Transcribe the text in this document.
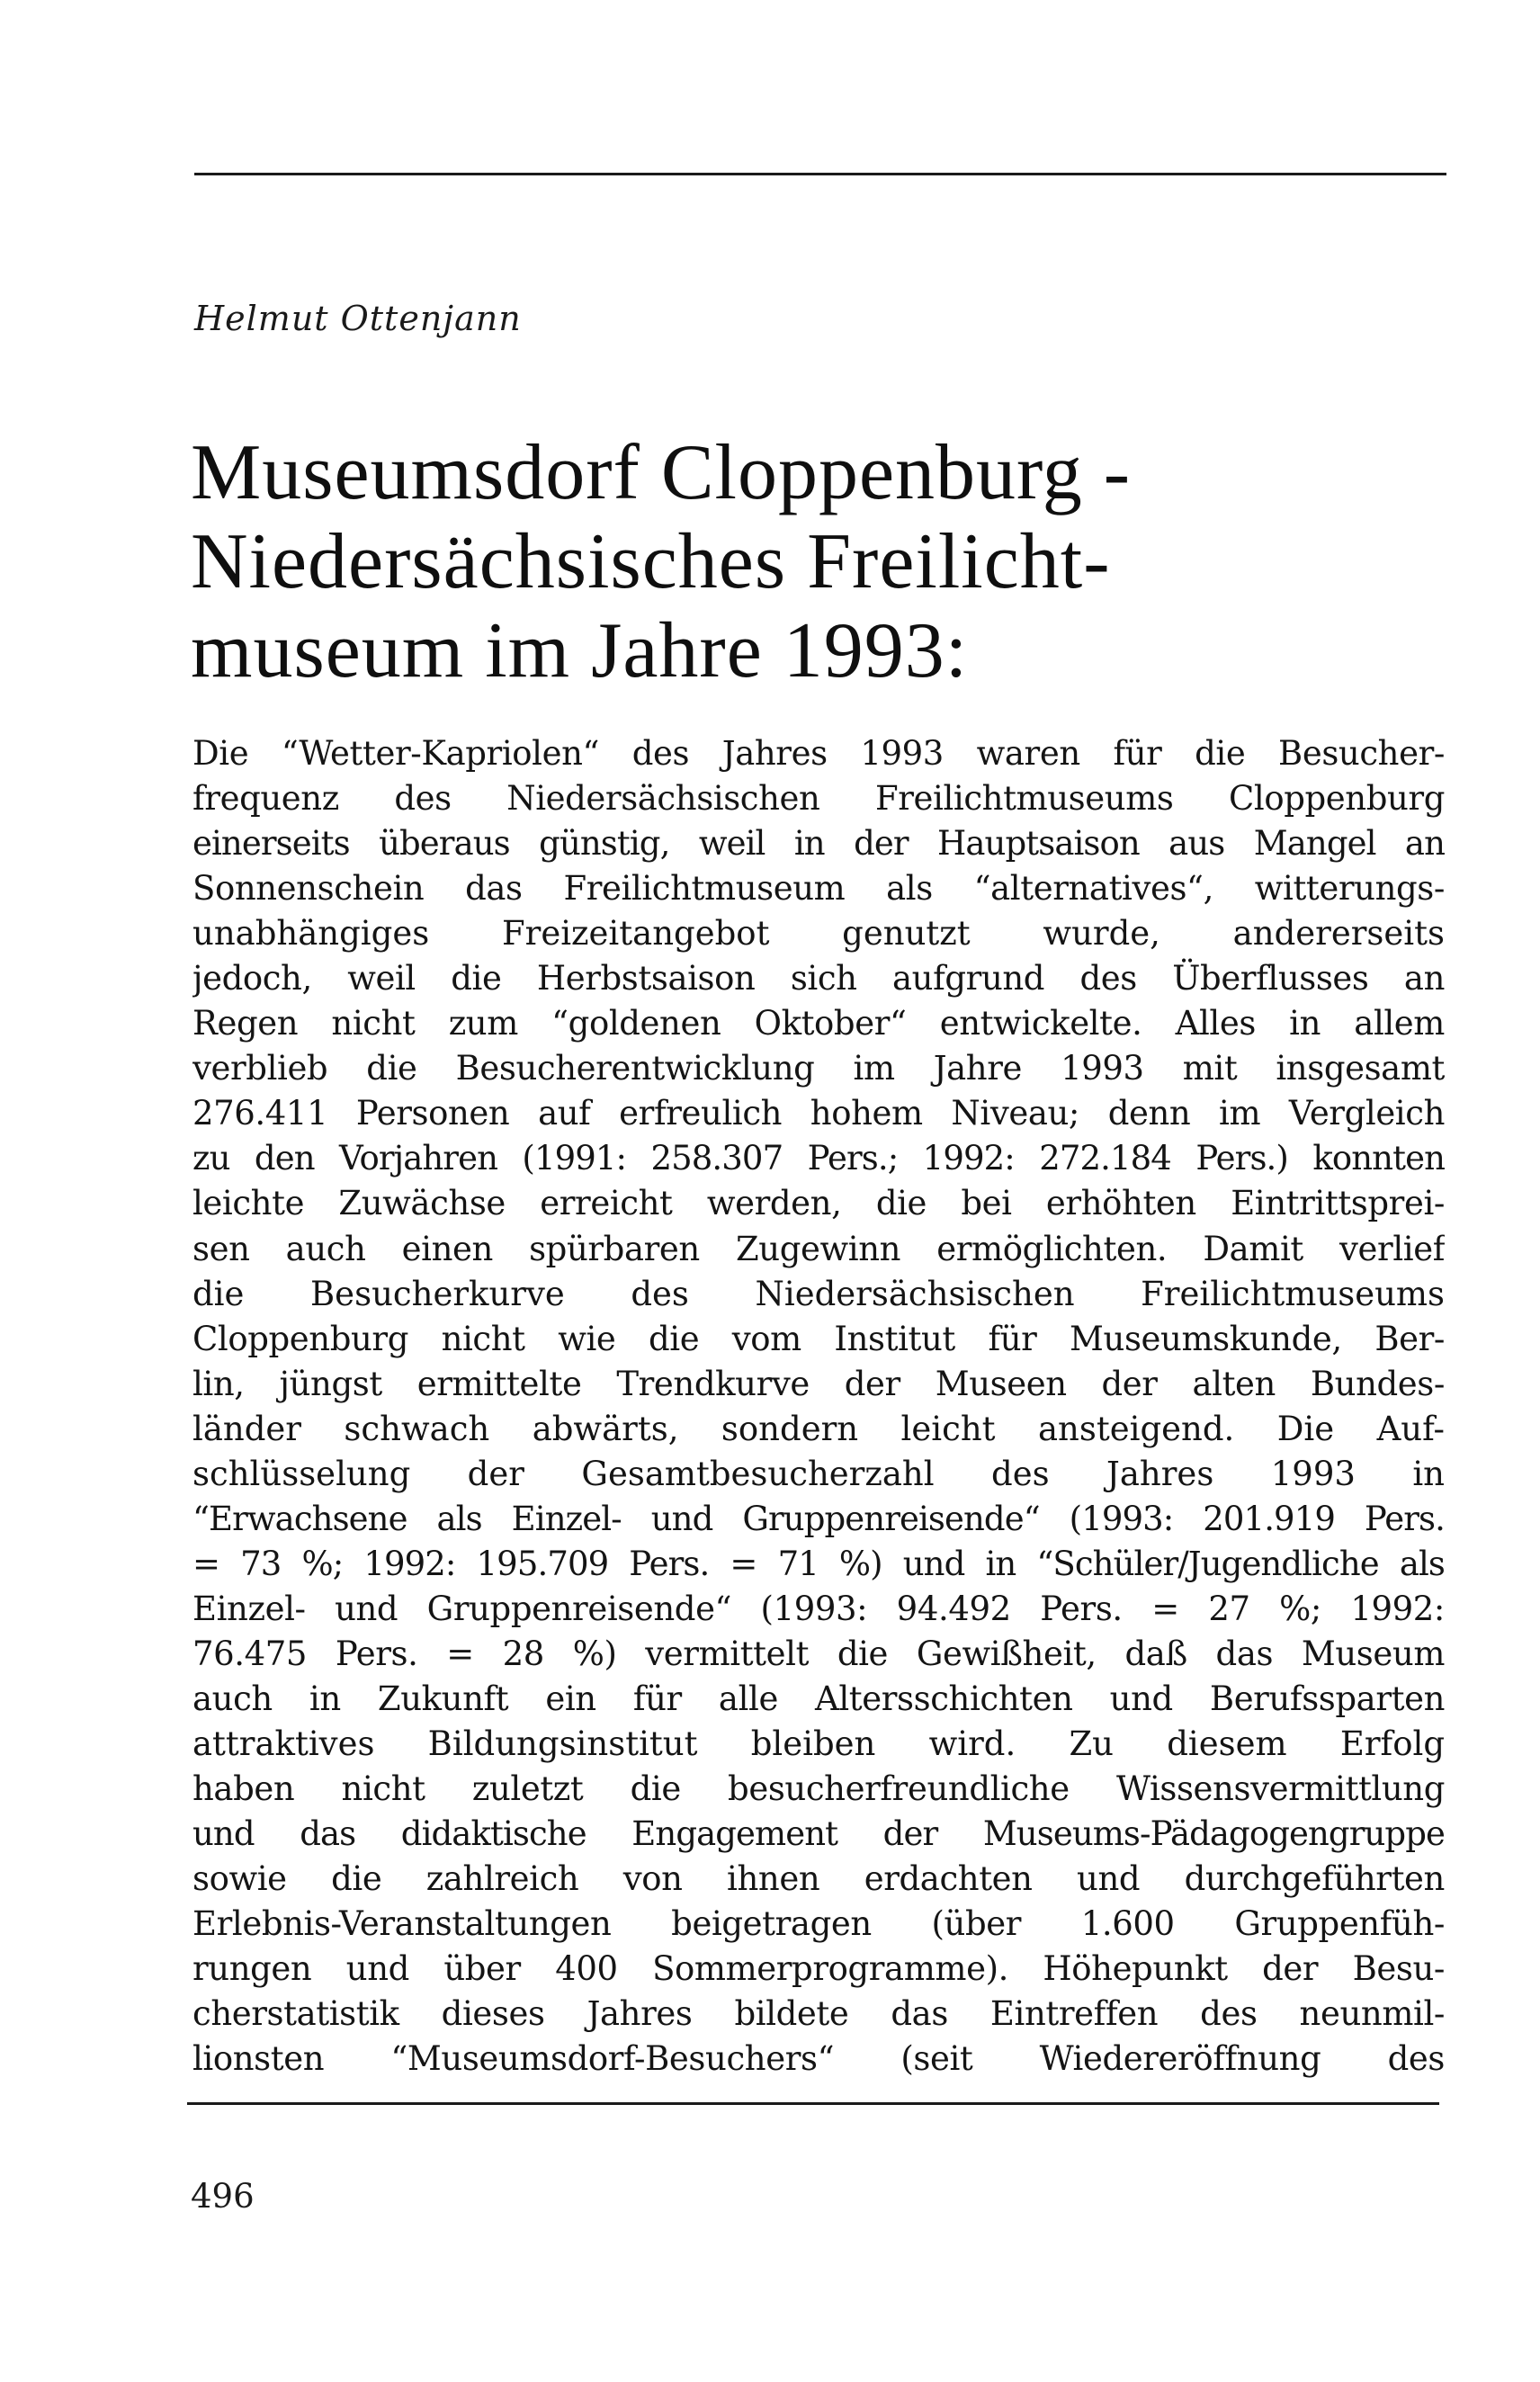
Helmut Ottenjann
Museumsdorf Cloppenburg -
Niedersächsisches Freilicht-
museum im Jahre 1993:
Die “Wetter-Kapriolen“ des Jahres 1993 waren für die Besucher-
frequenz des Niedersächsischen Freilichtmuseums Cloppenburg
einerseits überaus günstig, weil in der Hauptsaison aus Mangel an
Sonnenschein das Freilichtmuseum als “alternatives“, witterungs-
unabhängiges Freizeitangebot genutzt wurde, andererseits
jedoch, weil die Herbstsaison sich aufgrund des Überflusses an
Regen nicht zum “goldenen Oktober“ entwickelte. Alles in allem
verblieb die Besucherentwicklung im Jahre 1993 mit insgesamt
276.411 Personen auf erfreulich hohem Niveau; denn im Vergleich
zu den Vorjahren (1991: 258.307 Pers.; 1992: 272.184 Pers.) konnten
leichte Zuwächse erreicht werden, die bei erhöhten Eintrittsprei-
sen auch einen spürbaren Zugewinn ermöglichten. Damit verlief
die Besucherkurve des Niedersächsischen Freilichtmuseums
Cloppenburg nicht wie die vom Institut für Museumskunde, Ber-
lin, jüngst ermittelte Trendkurve der Museen der alten Bundes-
länder schwach abwärts, sondern leicht ansteigend. Die Auf-
schlüsselung der Gesamtbesucherzahl des Jahres 1993 in
“Erwachsene als Einzel- und Gruppenreisende“ (1993: 201.919 Pers.
= 73 %; 1992: 195.709 Pers. = 71 %) und in “Schüler/Jugendliche als
Einzel- und Gruppenreisende“ (1993: 94.492 Pers. = 27 %; 1992:
76.475 Pers. = 28 %) vermittelt die Gewißheit, daß das Museum
auch in Zukunft ein für alle Altersschichten und Berufssparten
attraktives Bildungsinstitut bleiben wird. Zu diesem Erfolg
haben nicht zuletzt die besucherfreundliche Wissensvermittlung
und das didaktische Engagement der Museums-Pädagogengruppe
sowie die zahlreich von ihnen erdachten und durchgeführten
Erlebnis-Veranstaltungen beigetragen (über 1.600 Gruppenfüh-
rungen und über 400 Sommerprogramme). Höhepunkt der Besu-
cherstatistik dieses Jahres bildete das Eintreffen des neunmil-
lionsten “Museumsdorf-Besuchers“ (seit Wiedereröffnung des
496
